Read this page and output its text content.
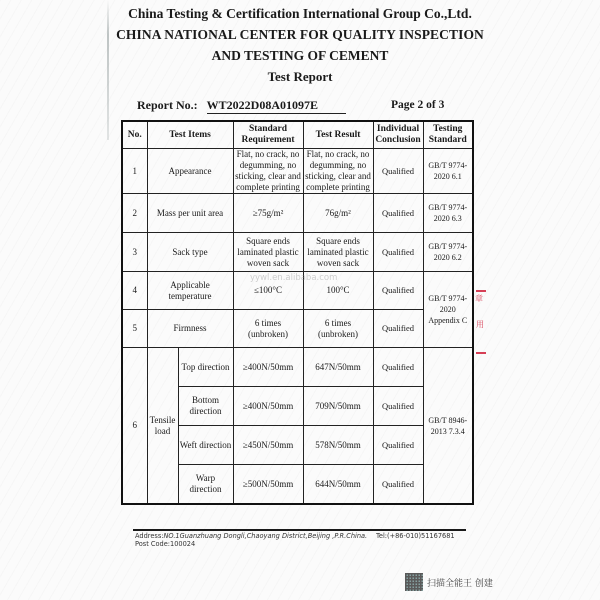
China Testing & Certification International Group Co.,Ltd.
CHINA NATIONAL CENTER FOR QUALITY INSPECTION
AND TESTING OF CEMENT
Test Report
Report No.: WT2022D08A01097E	Page 2 of 3
No.	Test Items		Standard Requirement	Test Result	Individual Conclusion	Testing Standard
1	Appearance		Flat, no crack, no degumming, no sticking, clear and complete printing	Flat, no crack, no degumming, no sticking, clear and complete printing	Qualified	GB/T 9774-2020 6.1
2	Mass per unit area		≥75g/m²	76g/m²	Qualified	GB/T 9774-2020 6.3
3	Sack type		Square ends laminated plastic woven sack	Square ends laminated plastic woven sack	Qualified	GB/T 9774-2020 6.2
4	Applicable temperature		≤100°C	100°C	Qualified	GB/T 9774-2020 Appendix C
5	Firmness		6 times (unbroken)	6 times (unbroken)	Qualified	
6	Tensile load	Top direction	≥400N/50mm	647N/50mm	Qualified	GB/T 8946-2013 7.3.4
		Bottom direction	≥400N/50mm	709N/50mm	Qualified	
		Weft direction	≥450N/50mm	578N/50mm	Qualified	
		Warp direction	≥500N/50mm	644N/50mm	Qualified	
yywl.en.alibaba.com
章
用
Address:NO.1Guanzhuang Dongli,Chaoyang District,Beijing ,P.R.China.
Post Code:100024
Tel:(+86-010)51167681
扫描全能王 创建
